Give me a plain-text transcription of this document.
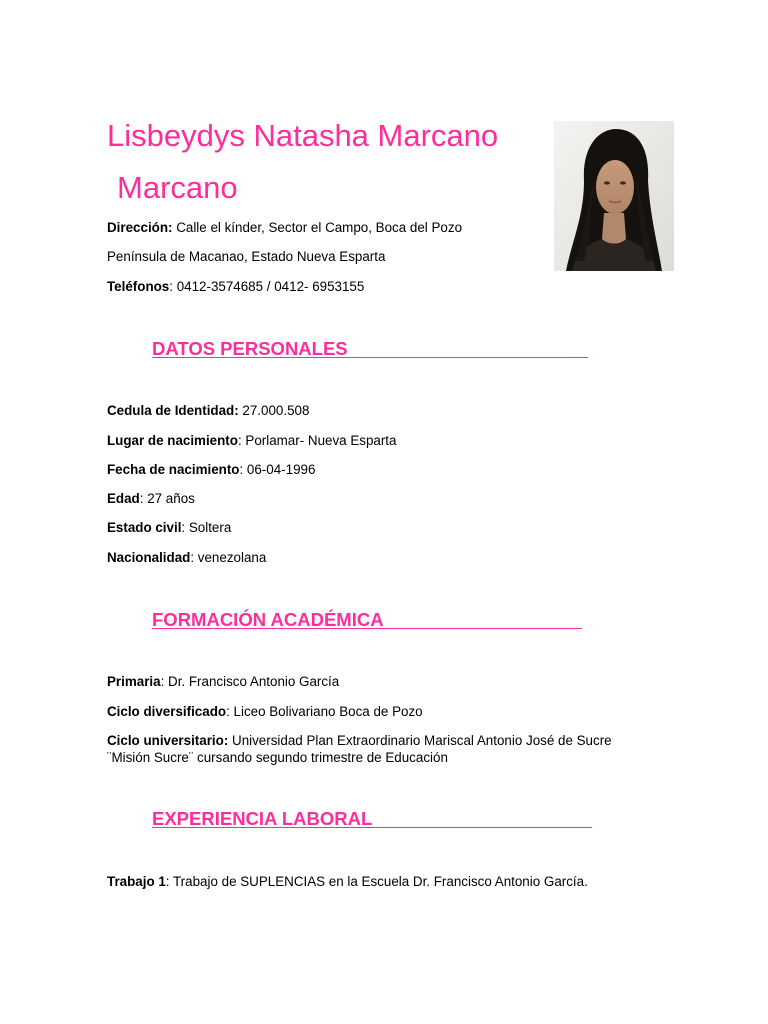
Lisbeydys Natasha Marcano
Marcano
Dirección: Calle el kínder, Sector el Campo, Boca del Pozo
Península de Macanao, Estado Nueva Esparta
Teléfonos: 0412-3574685 / 0412- 6953155
DATOS PERSONALES
Cedula de Identidad: 27.000.508
Lugar de nacimiento: Porlamar- Nueva Esparta
Fecha de nacimiento: 06-04-1996
Edad: 27 años
Estado civil: Soltera
Nacionalidad: venezolana
FORMACIÓN ACADÉMICA
Primaria: Dr. Francisco Antonio García
Ciclo diversificado: Liceo Bolivariano Boca de Pozo
Ciclo universitario: Universidad Plan Extraordinario Mariscal Antonio José de Sucre
¨Misión Sucre¨ cursando segundo trimestre de Educación
EXPERIENCIA LABORAL
Trabajo 1: Trabajo de SUPLENCIAS en la Escuela Dr. Francisco Antonio García.
